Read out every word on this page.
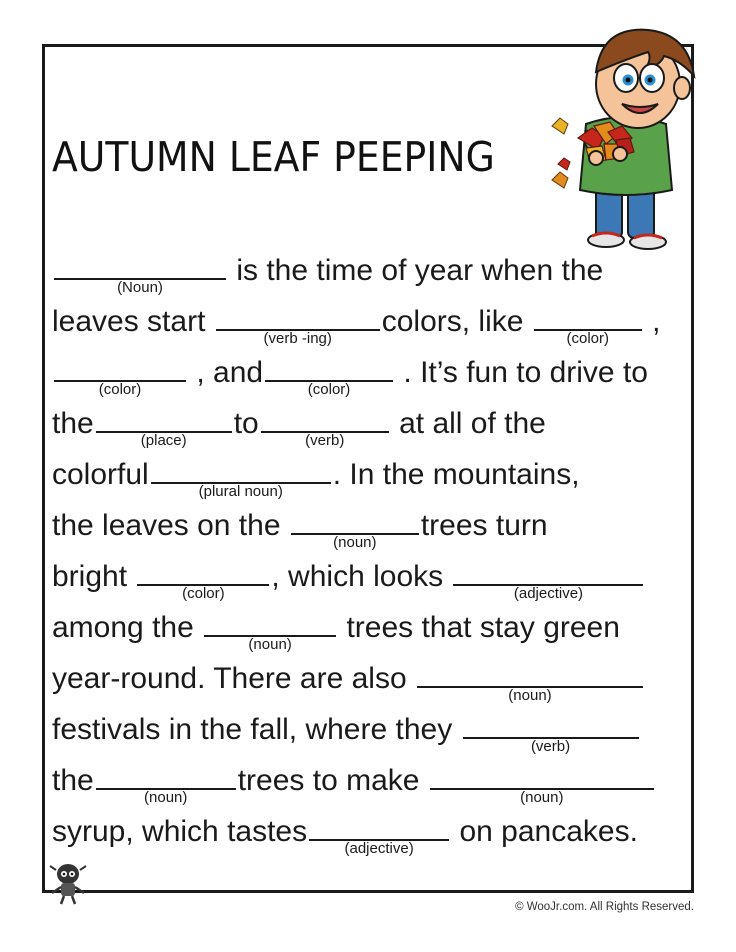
AUTUMN LEAF PEEPING
(Noun)
is the time of year when the
leaves start
(verb -ing)
colors, like
(color)
,
(color)
, and
(color)
. It’s fun to drive to
the
(place)
to
(verb)
at all of the
colorful
(plural noun)
. In the mountains,
the leaves on the
(noun)
trees turn
bright
(color)
, which looks
(adjective)
among the
(noun)
trees that stay green
year-round. There are also
(noun)
festivals in the fall, where they
(verb)
the
(noun)
trees to make
(noun)
syrup, which tastes
(adjective)
on pancakes.
© WooJr.com. All Rights Reserved.
